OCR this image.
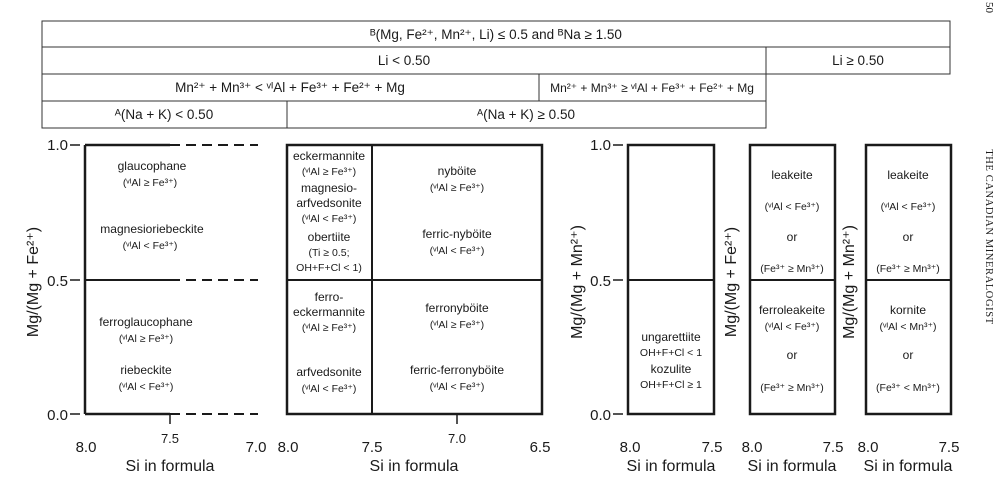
ᴮ(Mg, Fe²⁺, Mn²⁺, Li) ≤ 0.5 and ᴮNa ≥ 1.50
Li < 0.50	Li ≥ 0.50
Mn²⁺ + Mn³⁺ < ᵛᴵAl + Fe³⁺ + Fe²⁺ + Mg	Mn²⁺ + Mn³⁺ ≥ ᵛᴵAl + Fe³⁺ + Fe²⁺ + Mg
ᴬ(Na + K) < 0.50	ᴬ(Na + K) ≥ 0.50
Mg/(Mg + Fe²⁺)
1.0
0.5
0.0
glaucophane
(ᵛᴵAl ≥ Fe³⁺)
magnesioriebeckite
(ᵛᴵAl < Fe³⁺)
ferroglaucophane
(ᵛᴵAl ≥ Fe³⁺)
riebeckite
(ᵛᴵAl < Fe³⁺)
8.0
7.5
7.0
Si in formula
eckermannite
(ᵛᴵAl ≥ Fe³⁺)
magnesio-
arfvedsonite
(ᵛᴵAl < Fe³⁺)
obertiite
(Ti ≥ 0.5;
OH+F+Cl < 1)
ferro-
eckermannite
(ᵛᴵAl ≥ Fe³⁺)
arfvedsonite
(ᵛᴵAl < Fe³⁺)
nyböite
(ᵛᴵAl ≥ Fe³⁺)
ferric-nyböite
(ᵛᴵAl < Fe³⁺)
ferronyböite
(ᵛᴵAl ≥ Fe³⁺)
ferric-ferronyböite
(ᵛᴵAl < Fe³⁺)
8.0	7.5
7.0
6.5
Si in formula
Mg/(Mg + Mn²⁺)
1.0
0.5
0.0
ungarettiite
OH+F+Cl < 1
kozulite
OH+F+Cl ≥ 1
8.0	7.5
Si in formula
Mg/(Mg + Fe²⁺)
leakeite
(ᵛᴵAl < Fe³⁺)
or
(Fe³⁺ ≥ Mn³⁺)
ferroleakeite
(ᵛᴵAl < Fe³⁺)
or
(Fe³⁺ ≥ Mn³⁺)
8.0	7.5
Si in formula
Mg/(Mg + Mn²⁺)
leakeite
(ᵛᴵAl < Fe³⁺)
or
(Fe³⁺ ≥ Mn³⁺)
kornite
(ᵛᴵAl < Mn³⁺)
or
(Fe³⁺ < Mn³⁺)
8.0	7.5
Si in formula
THE CANADIAN MINERALOGIST
50
